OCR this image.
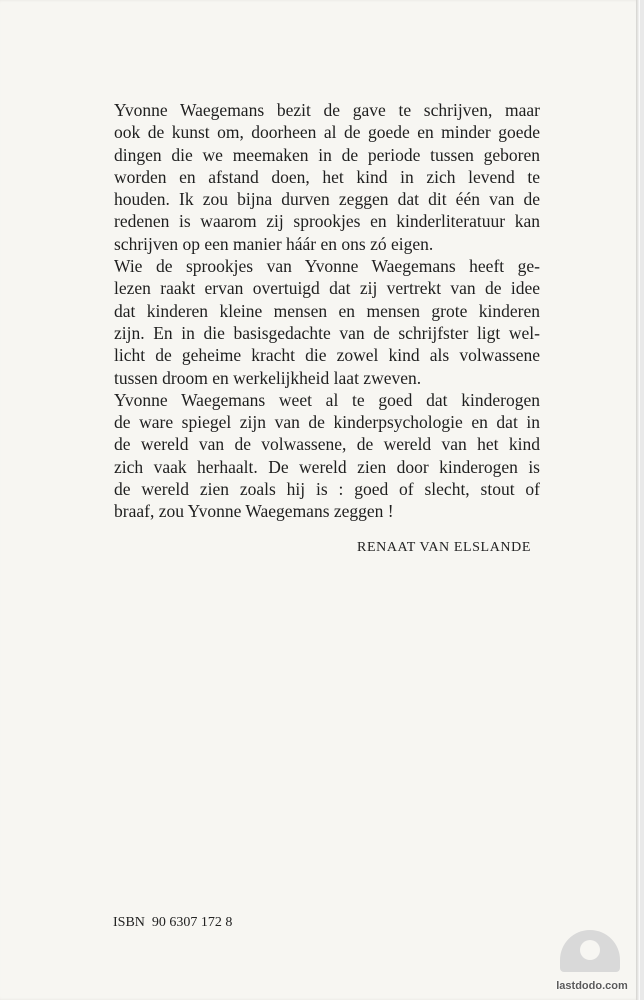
Yvonne Waegemans bezit de gave te schrijven, maar
ook de kunst om, doorheen al de goede en minder goede
dingen die we meemaken in de periode tussen geboren
worden en afstand doen, het kind in zich levend te
houden. Ik zou bijna durven zeggen dat dit één van de
redenen is waarom zij sprookjes en kinderliteratuur kan
schrijven op een manier háár en ons zó eigen.
Wie de sprookjes van Yvonne Waegemans heeft ge-
lezen raakt ervan overtuigd dat zij vertrekt van de idee
dat kinderen kleine mensen en mensen grote kinderen
zijn. En in die basisgedachte van de schrijfster ligt wel-
licht de geheime kracht die zowel kind als volwassene
tussen droom en werkelijkheid laat zweven.
Yvonne Waegemans weet al te goed dat kinderogen
de ware spiegel zijn van de kinderpsychologie en dat in
de wereld van de volwassene, de wereld van het kind
zich vaak herhaalt. De wereld zien door kinderogen is
de wereld zien zoals hij is : goed of slecht, stout of
braaf, zou Yvonne Waegemans zeggen !
RENAAT VAN ELSLANDE
ISBN  90 6307 172 8
lastdodo.com
